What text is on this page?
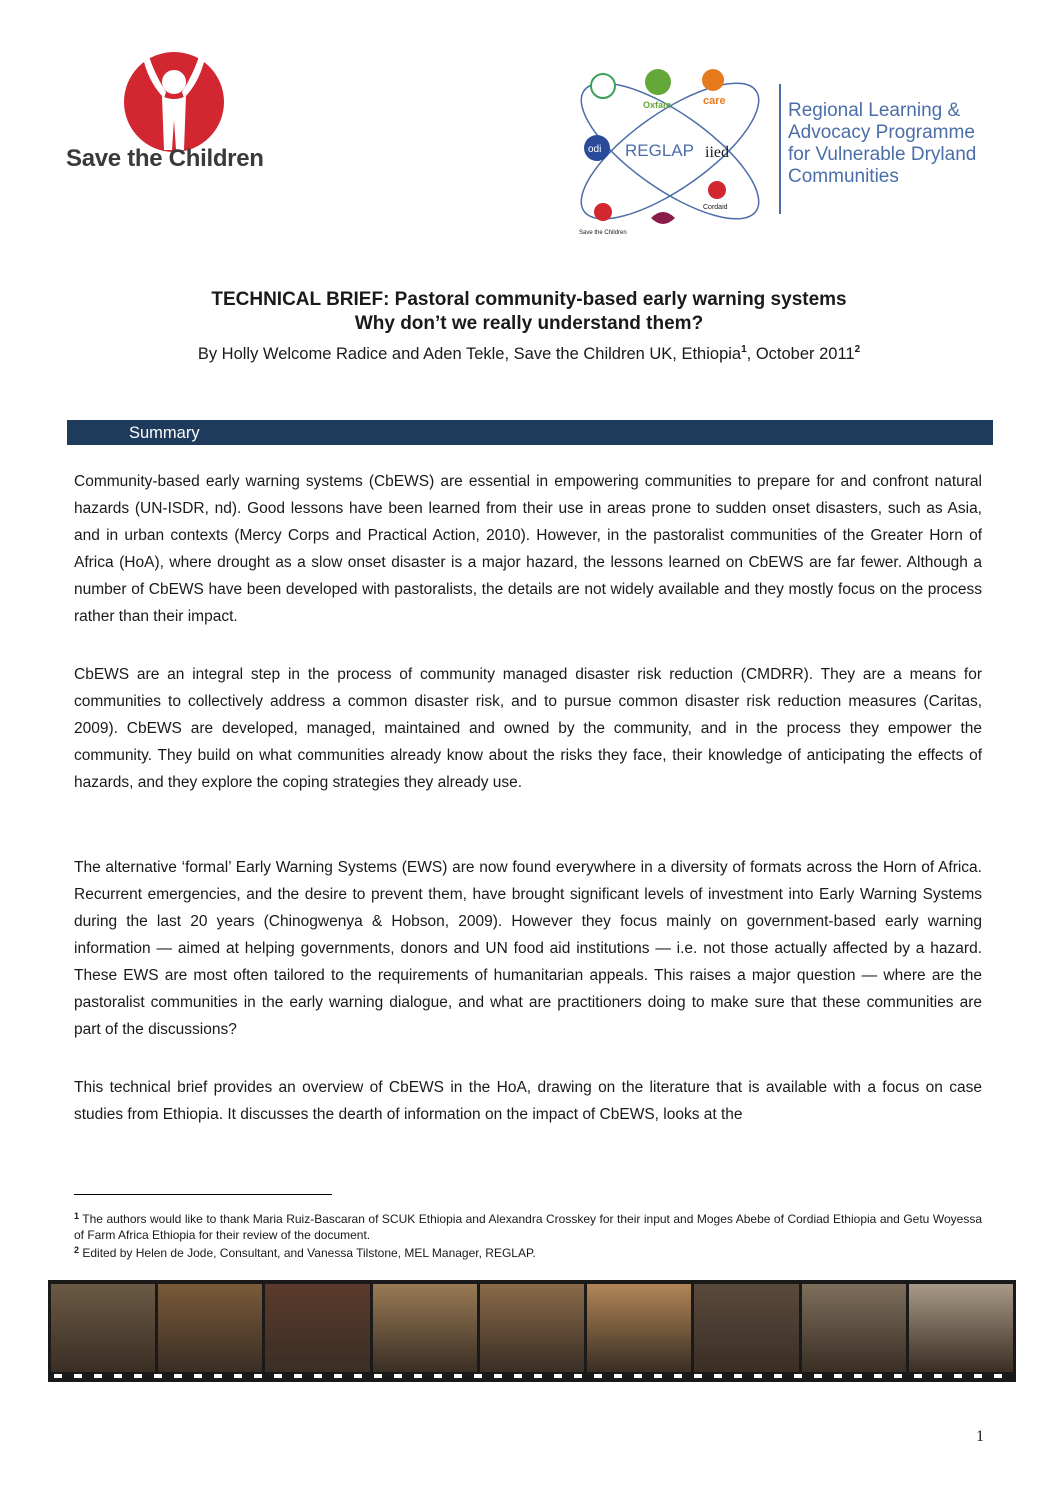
Save the Children	REGLAP
Oxfam	care
odi	iied
Save the Children
Cordaid
Regional Learning &
Advocacy Programme
for Vulnerable Dryland
Communities
TECHNICAL BRIEF: Pastoral community-based early warning systems
Why don’t we really understand them?
By Holly Welcome Radice and Aden Tekle, Save the Children UK, Ethiopia$^1$, October 2011$^2$
Summary
Community-based early warning systems (CbEWS) are essential in empowering communities to prepare for and confront natural hazards (UN-ISDR, nd). Good lessons have been learned from their use in areas prone to sudden onset disasters, such as Asia, and in urban contexts (Mercy Corps and Practical Action, 2010). However, in the pastoralist communities of the Greater Horn of Africa (HoA), where drought as a slow onset disaster is a major hazard, the lessons learned on CbEWS are far fewer. Although a number of CbEWS have been developed with pastoralists, the details are not widely available and they mostly focus on the process rather than their impact.
CbEWS are an integral step in the process of community managed disaster risk reduction (CMDRR). They are a means for communities to collectively address a common disaster risk, and to pursue common disaster risk reduction measures (Caritas, 2009). CbEWS are developed, managed, maintained and owned by the community, and in the process they empower the community. They build on what communities already know about the risks they face, their knowledge of anticipating the effects of hazards, and they explore the coping strategies they already use.
The alternative ‘formal’ Early Warning Systems (EWS) are now found everywhere in a diversity of formats across the Horn of Africa. Recurrent emergencies, and the desire to prevent them, have brought significant levels of investment into Early Warning Systems during the last 20 years (Chinogwenya & Hobson, 2009). However they focus mainly on government-based early warning information — aimed at helping governments, donors and UN food aid institutions — i.e. not those actually affected by a hazard. These EWS are most often tailored to the requirements of humanitarian appeals. This raises a major question — where are the pastoralist communities in the early warning dialogue, and what are practitioners doing to make sure that these communities are part of the discussions?
This technical brief provides an overview of CbEWS in the HoA, drawing on the literature that is available with a focus on case studies from Ethiopia. It discusses the dearth of information on the impact of CbEWS, looks at the
$^1$ The authors would like to thank Maria Ruiz-Bascaran of SCUK Ethiopia and Alexandra Crosskey for their input and Moges Abebe of Cordiad Ethiopia and Getu Woyessa of Farm Africa Ethiopia for their review of the document.
$^2$ Edited by Helen de Jode, Consultant, and Vanessa Tilstone, MEL Manager, REGLAP.
1
